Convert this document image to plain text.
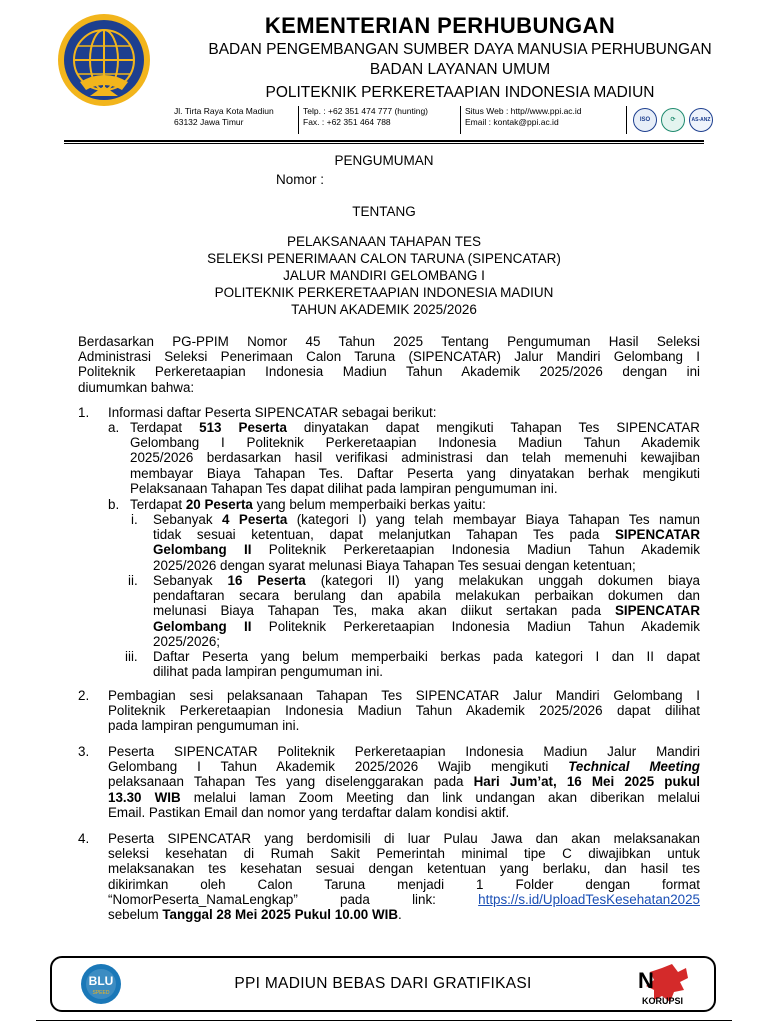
KEMENTERIAN PERHUBUNGAN
BADAN PENGEMBANGAN SUMBER DAYA MANUSIA PERHUBUNGAN
BADAN LAYANAN UMUM
POLITEKNIK PERKERETAAPIAN INDONESIA MADIUN
Jl. Tirta Raya Kota Madiun
63132 Jawa Timur
Telp. : +62 351 474 777 (hunting)
Fax. : +62 351 464 788
Situs Web : http//www.ppi.ac.id
Email : kontak@ppi.ac.id	ISO	⟳	AS-ANZ
PENGUMUMAN
Nomor :
TENTANG
PELAKSANAAN TAHAPAN TES
SELEKSI PENERIMAAN CALON TARUNA (SIPENCATAR)
JALUR MANDIRI GELOMBANG I
POLITEKNIK PERKERETAAPIAN INDONESIA MADIUN
TAHUN AKADEMIK 2025/2026
Berdasarkan PG-PPIM Nomor 45 Tahun 2025 Tentang Pengumuman Hasil Seleksi
Administrasi Seleksi Penerimaan Calon Taruna (SIPENCATAR) Jalur Mandiri Gelombang I
Politeknik Perkeretaapian Indonesia Madiun Tahun Akademik 2025/2026 dengan ini
diumumkan bahwa:
1. Informasi daftar Peserta SIPENCATAR sebagai berikut:
a. Terdapat 513 Peserta dinyatakan dapat mengikuti Tahapan Tes SIPENCATAR
Gelombang I Politeknik Perkeretaapian Indonesia Madiun Tahun Akademik
2025/2026 berdasarkan hasil verifikasi administrasi dan telah memenuhi kewajiban
membayar Biaya Tahapan Tes. Daftar Peserta yang dinyatakan berhak mengikuti
Pelaksanaan Tahapan Tes dapat dilihat pada lampiran pengumuman ini.
b. Terdapat 20 Peserta yang belum memperbaiki berkas yaitu:
i. Sebanyak 4 Peserta (kategori I) yang telah membayar Biaya Tahapan Tes namun
tidak sesuai ketentuan, dapat melanjutkan Tahapan Tes pada SIPENCATAR
Gelombang II Politeknik Perkeretaapian Indonesia Madiun Tahun Akademik
2025/2026 dengan syarat melunasi Biaya Tahapan Tes sesuai dengan ketentuan;
ii. Sebanyak 16 Peserta (kategori II) yang melakukan unggah dokumen biaya
pendaftaran secara berulang dan apabila melakukan perbaikan dokumen dan
melunasi Biaya Tahapan Tes, maka akan diikut sertakan pada SIPENCATAR
Gelombang II Politeknik Perkeretaapian Indonesia Madiun Tahun Akademik
2025/2026;
iii. Daftar Peserta yang belum memperbaiki berkas pada kategori I dan II dapat
dilihat pada lampiran pengumuman ini.
2. Pembagian sesi pelaksanaan Tahapan Tes SIPENCATAR Jalur Mandiri Gelombang I
Politeknik Perkeretaapian Indonesia Madiun Tahun Akademik 2025/2026 dapat dilihat
pada lampiran pengumuman ini.
3. Peserta SIPENCATAR Politeknik Perkeretaapian Indonesia Madiun Jalur Mandiri
Gelombang I Tahun Akademik 2025/2026 Wajib mengikuti Technical Meeting
pelaksanaan Tahapan Tes yang diselenggarakan pada Hari Jum’at, 16 Mei 2025 pukul
13.30 WIB melalui laman Zoom Meeting dan link undangan akan diberikan melalui
Email. Pastikan Email dan nomor yang terdaftar dalam kondisi aktif.
4. Peserta SIPENCATAR yang berdomisili di luar Pulau Jawa dan akan melaksanakan
seleksi kesehatan di Rumah Sakit Pemerintah minimal tipe C diwajibkan untuk
melaksanakan tes kesehatan sesuai dengan ketentuan yang berlaku, dan hasil tes
dikirimkan oleh Calon Taruna menjadi 1 Folder dengan format
“NomorPeserta_NamaLengkap” pada link: https://s.id/UploadTesKesehatan2025
sebelum Tanggal 28 Mei 2025 Pukul 10.00 WIB.
BLU
SPEED
PPI MADIUN BEBAS DARI GRATIFIKASI	N
KORUPSI
